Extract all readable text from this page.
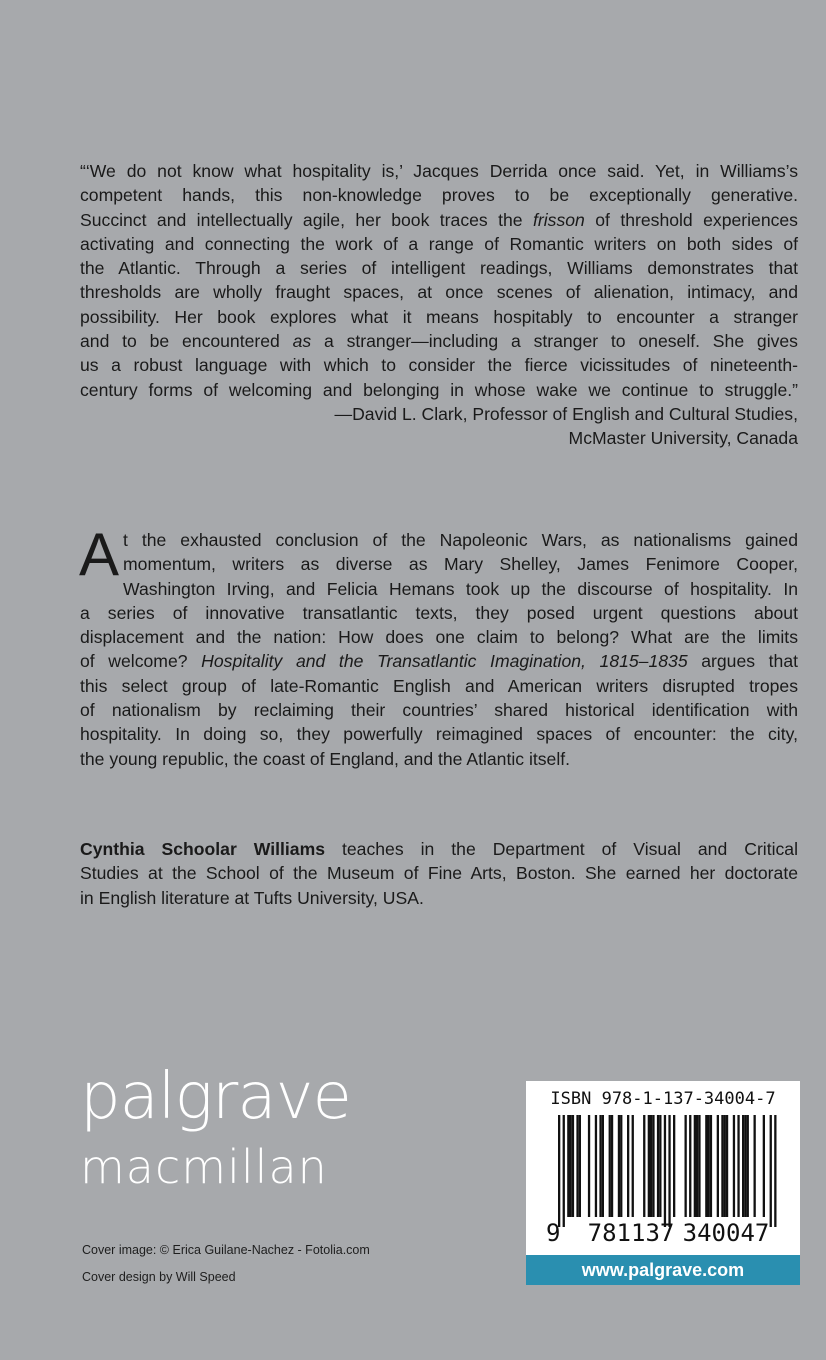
“‘We do not know what hospitality is,’ Jacques Derrida once said. Yet, in Williams’s
competent hands, this non-knowledge proves to be exceptionally generative.
Succinct and intellectually agile, her book traces the frisson of threshold experiences
activating and connecting the work of a range of Romantic writers on both sides of
the Atlantic. Through a series of intelligent readings, Williams demonstrates that
thresholds are wholly fraught spaces, at once scenes of alienation, intimacy, and
possibility. Her book explores what it means hospitably to encounter a stranger
and to be encountered as a stranger—including a stranger to oneself. She gives
us a robust language with which to consider the fierce vicissitudes of nineteenth-
century forms of welcoming and belonging in whose wake we continue to struggle.”
—David L. Clark, Professor of English and Cultural Studies,
McMaster University, Canada
A t the exhausted conclusion of the Napoleonic Wars, as nationalisms gained
momentum, writers as diverse as Mary Shelley, James Fenimore Cooper,
Washington Irving, and Felicia Hemans took up the discourse of hospitality. In
a series of innovative transatlantic texts, they posed urgent questions about
displacement and the nation: How does one claim to belong? What are the limits
of welcome? Hospitality and the Transatlantic Imagination, 1815–1835 argues that
this select group of late-Romantic English and American writers disrupted tropes
of nationalism by reclaiming their countries’ shared historical identification with
hospitality. In doing so, they powerfully reimagined spaces of encounter: the city,
the young republic, the coast of England, and the Atlantic itself.
Cynthia Schoolar Williams teaches in the Department of Visual and Critical
Studies at the School of the Museum of Fine Arts, Boston. She earned her doctorate
in English literature at Tufts University, USA.
palgrave
macmillan
Cover image: © Erica Guilane-Nachez - Fotolia.com
Cover design by Will Speed
ISBN 978-1-137-34004-7
9 781137 340047
www.palgrave.com
